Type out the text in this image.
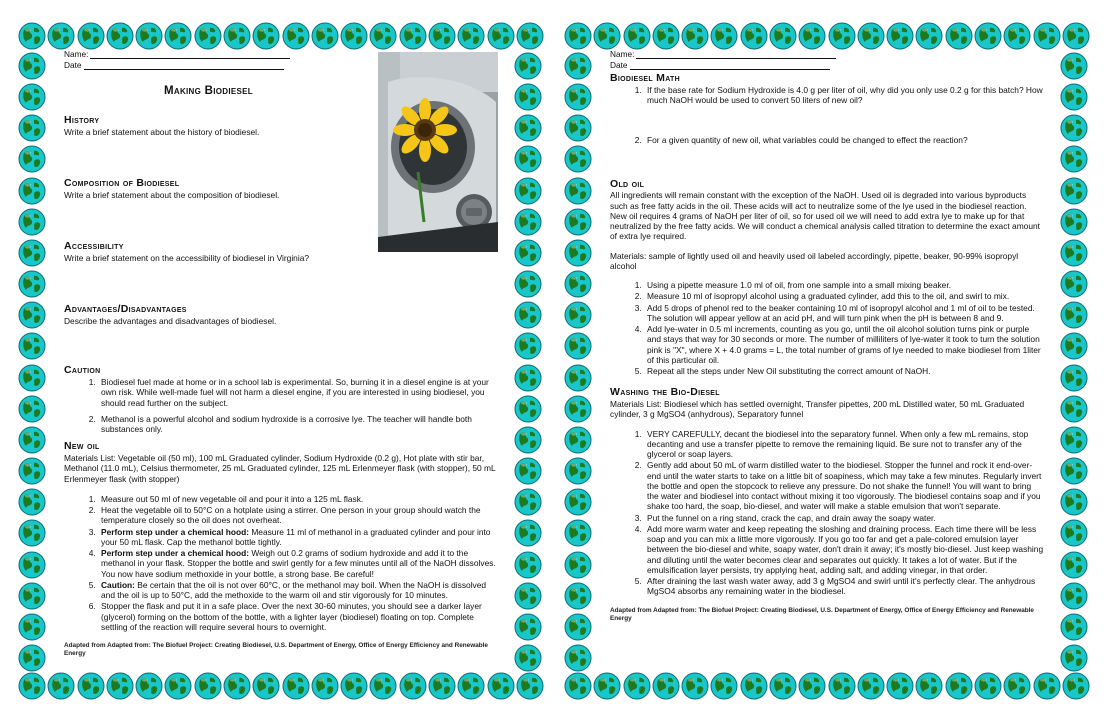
Name:
Date
Making Biodiesel
History
Write a brief statement about the history of biodiesel.
Composition of Biodiesel
Write a brief statement about the composition of biodiesel.
Accessibility
Write a brief statement on the accessibility of biodiesel in Virginia?
Advantages/Disadvantages
Describe the advantages and disadvantages of biodiesel.
Caution
1. Biodiesel fuel made at home or in a school lab is experimental. So, burning it in a diesel engine is at your own risk. While well-made fuel will not harm a diesel engine, if you are interested in using biodiesel, you should read further on the subject.
2. Methanol is a powerful alcohol and sodium hydroxide is a corrosive lye. The teacher will handle both substances only.
New oil
Materials List: Vegetable oil (50 ml), 100 mL Graduated cylinder, Sodium Hydroxide (0.2 g), Hot plate with stir bar, Methanol (11.0 mL), Celsius thermometer, 25 mL Graduated cylinder, 125 mL Erlenmeyer flask (with stopper), 50 mL Erlenmeyer flask (with stopper)
1. Measure out 50 ml of new vegetable oil and pour it into a 125 mL flask.
2. Heat the vegetable oil to 50°C on a hotplate using a stirrer. One person in your group should watch the temperature closely so the oil does not overheat.
3. Perform step under a chemical hood: Measure 11 ml of methanol in a graduated cylinder and pour into your 50 mL flask. Cap the methanol bottle tightly.
4. Perform step under a chemical hood: Weigh out 0.2 grams of sodium hydroxide and add it to the methanol in your flask. Stopper the bottle and swirl gently for a few minutes until all of the NaOH dissolves. You now have sodium methoxide in your bottle, a strong base. Be careful!
5. Caution: Be certain that the oil is not over 60°C, or the methanol may boil. When the NaOH is dissolved and the oil is up to 50°C, add the methoxide to the warm oil and stir vigorously for 10 minutes.
6. Stopper the flask and put it in a safe place. Over the next 30-60 minutes, you should see a darker layer (glycerol) forming on the bottom of the bottle, with a lighter layer (biodiesel) floating on top. Complete settling of the reaction will require several hours to overnight.
Adapted from Adapted from: The Biofuel Project: Creating Biodiesel, U.S. Department of Energy, Office of Energy Efficiency and Renewable Energy
Name:
Date
Biodiesel Math
1. If the base rate for Sodium Hydroxide is 4.0 g per liter of oil, why did you only use 0.2 g for this batch? How much NaOH would be used to convert 50 liters of new oil?
2. For a given quantity of new oil, what variables could be changed to effect the reaction?
Old oil
All ingredients will remain constant with the exception of the NaOH. Used oil is degraded into various byproducts such as free fatty acids in the oil. These acids will act to neutralize some of the lye used in the biodiesel reaction. New oil requires 4 grams of NaOH per liter of oil, so for used oil we will need to add extra lye to make up for that neutralized by the free fatty acids. We will conduct a chemical analysis called titration to determine the exact amount of extra lye required.
Materials: sample of lightly used oil and heavily used oil labeled accordingly, pipette, beaker, 90-99% isopropyl alcohol
1. Using a pipette measure 1.0 ml of oil, from one sample into a small mixing beaker.
2. Measure 10 ml of isopropyl alcohol using a graduated cylinder, add this to the oil, and swirl to mix.
3. Add 5 drops of phenol red to the beaker containing 10 ml of isopropyl alcohol and 1 ml of oil to be tested. The solution will appear yellow at an acid pH, and will turn pink when the pH is between 8 and 9.
4. Add lye-water in 0.5 ml increments, counting as you go, until the oil alcohol solution turns pink or purple and stays that way for 30 seconds or more. The number of milliliters of lye-water it took to turn the solution pink is "X", where X + 4.0 grams = L, the total number of grams of lye needed to make biodiesel from 1liter of this particular oil.
5. Repeat all the steps under New Oil substituting the correct amount of NaOH.
Washing the Bio-Diesel
Materials List: Biodiesel which has settled overnight, Transfer pipettes, 200 mL Distilled water, 50 mL Graduated cylinder, 3 g MgSO4 (anhydrous), Separatory funnel
1. VERY CAREFULLY, decant the biodiesel into the separatory funnel. When only a few mL remains, stop decanting and use a transfer pipette to remove the remaining liquid. Be sure not to transfer any of the glycerol or soap layers.
2. Gently add about 50 mL of warm distilled water to the biodiesel. Stopper the funnel and rock it end-over-end until the water starts to take on a little bit of soapiness, which may take a few minutes. Regularly invert the bottle and open the stopcock to relieve any pressure. Do not shake the funnel! You will want to bring the water and biodiesel into contact without mixing it too vigorously. The biodiesel contains soap and if you shake too hard, the soap, bio-diesel, and water will make a stable emulsion that won't separate.
3. Put the funnel on a ring stand, crack the cap, and drain away the soapy water.
4. Add more warm water and keep repeating the sloshing and draining process. Each time there will be less soap and you can mix a little more vigorously. If you go too far and get a pale-colored emulsion layer between the bio-diesel and white, soapy water, don't drain it away; it's mostly bio-diesel. Just keep washing and diluting until the water becomes clear and separates out quickly. It takes a lot of water. But if the emulsification layer persists, try applying heat, adding salt, and adding vinegar, in that order.
5. After draining the last wash water away, add 3 g MgSO4 and swirl until it's perfectly clear. The anhydrous MgSO4 absorbs any remaining water in the biodiesel.
Adapted from Adapted from: The Biofuel Project: Creating Biodiesel, U.S. Department of Energy, Office of Energy Efficiency and Renewable Energy
